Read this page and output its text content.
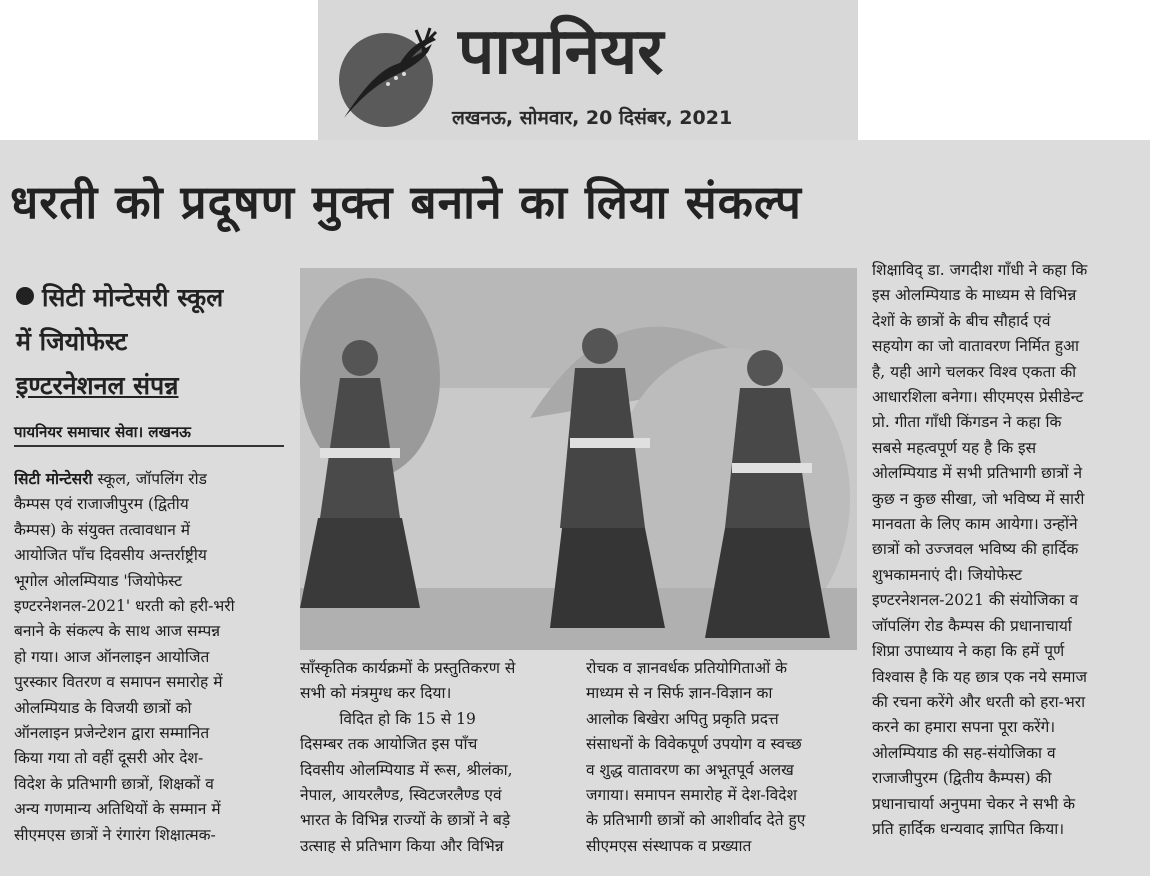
पायनियर
लखनऊ, सोमवार, 20 दिसंबर, 2021
धरती को प्रदूषण मुक्त बनाने का लिया संकल्प
सिटी मोन्टेसरी स्कूल
में जियोफेस्ट
इण्टरनेशनल संपन्न
पायनियर समाचार सेवा। लखनऊ
सिटी मोन्टेसरी स्कूल, जॉपलिंग रोड
कैम्पस एवं राजाजीपुरम (द्वितीय
कैम्पस) के संयुक्त तत्वावधान में
आयोजित पाँच दिवसीय अन्तर्राष्ट्रीय
भूगोल ओलम्पियाड 'जियोफेस्ट
इण्टरनेशनल-2021' धरती को हरी-भरी
बनाने के संकल्प के साथ आज सम्पन्न
हो गया। आज ऑनलाइन आयोजित
पुरस्कार वितरण व समापन समारोह में
ओलम्पियाड के विजयी छात्रों को
ऑनलाइन प्रजेन्टेशन द्वारा सम्मानित
किया गया तो वहीं दूसरी ओर देश-
विदेश के प्रतिभागी छात्रों, शिक्षकों व
अन्य गणमान्य अतिथियों के सम्मान में
सीएमएस छात्रों ने रंगारंग शिक्षात्मक-
साँस्कृतिक कार्यक्रमों के प्रस्तुतिकरण से
सभी को मंत्रमुग्ध कर दिया।
विदित हो कि 15 से 19
दिसम्बर तक आयोजित इस पाँच
दिवसीय ओलम्पियाड में रूस, श्रीलंका,
नेपाल, आयरलैण्ड, स्विटजरलैण्ड एवं
भारत के विभिन्न राज्यों के छात्रों ने बड़े
उत्साह से प्रतिभाग किया और विभिन्न
रोचक व ज्ञानवर्धक प्रतियोगिताओं के
माध्यम से न सिर्फ ज्ञान-विज्ञान का
आलोक बिखेरा अपितु प्रकृति प्रदत्त
संसाधनों के विवेकपूर्ण उपयोग व स्वच्छ
व शुद्ध वातावरण का अभूतपूर्व अलख
जगाया। समापन समारोह में देश-विदेश
के प्रतिभागी छात्रों को आशीर्वाद देते हुए
सीएमएस संस्थापक व प्रख्यात
शिक्षाविद् डा. जगदीश गाँधी ने कहा कि
इस ओलम्पियाड के माध्यम से विभिन्न
देशों के छात्रों के बीच सौहार्द एवं
सहयोग का जो वातावरण निर्मित हुआ
है, यही आगे चलकर विश्व एकता की
आधारशिला बनेगा। सीएमएस प्रेसीडेन्ट
प्रो. गीता गाँधी किंगडन ने कहा कि
सबसे महत्वपूर्ण यह है कि इस
ओलम्पियाड में सभी प्रतिभागी छात्रों ने
कुछ न कुछ सीखा, जो भविष्य में सारी
मानवता के लिए काम आयेगा। उन्होंने
छात्रों को उज्जवल भविष्य की हार्दिक
शुभकामनाएं दी। जियोफेस्ट
इण्टरनेशनल-2021 की संयोजिका व
जॉपलिंग रोड कैम्पस की प्रधानाचार्या
शिप्रा उपाध्याय ने कहा कि हमें पूर्ण
विश्वास है कि यह छात्र एक नये समाज
की रचना करेंगे और धरती को हरा-भरा
करने का हमारा सपना पूरा करेंगे।
ओलम्पियाड की सह-संयोजिका व
राजाजीपुरम (द्वितीय कैम्पस) की
प्रधानाचार्या अनुपमा चेकर ने सभी के
प्रति हार्दिक धन्यवाद ज्ञापित किया।
